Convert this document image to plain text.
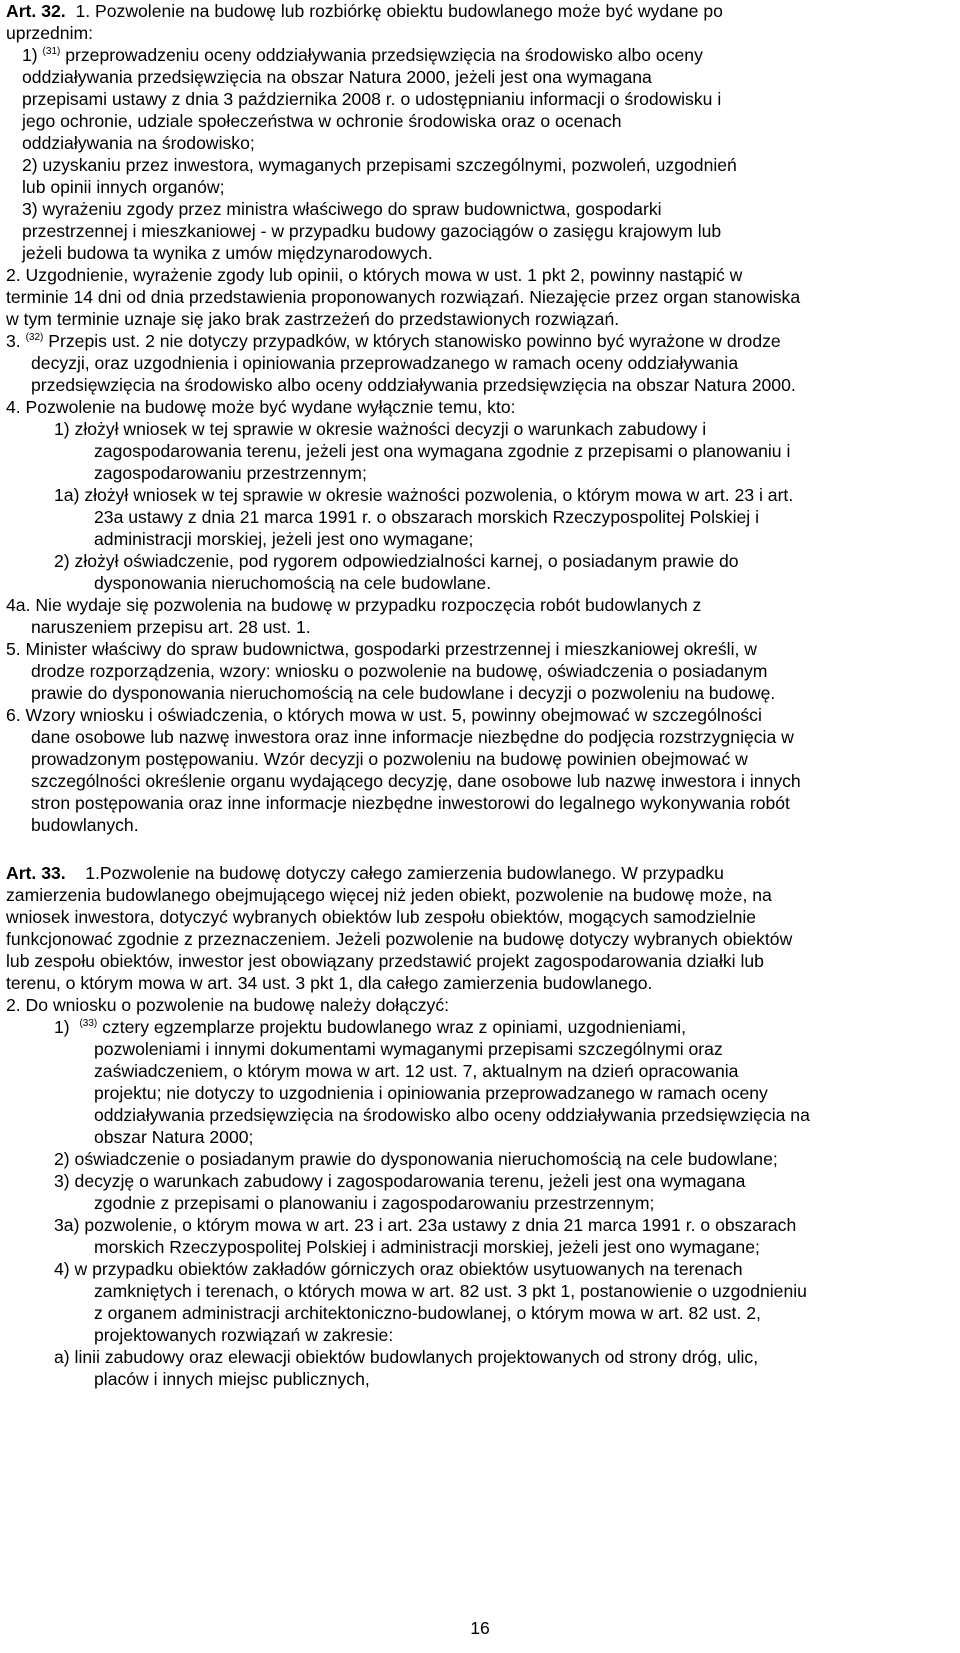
Art. 32. 1. Pozwolenie na budowę lub rozbiórkę obiektu budowlanego może być wydane po
uprzednim:
1) $^{(31)}$ przeprowadzeniu oceny oddziaływania przedsięwzięcia na środowisko albo oceny
oddziaływania przedsięwzięcia na obszar Natura 2000, jeżeli jest ona wymagana
przepisami ustawy z dnia 3 października 2008 r. o udostępnianiu informacji o środowisku i
jego ochronie, udziale społeczeństwa w ochronie środowiska oraz o ocenach
oddziaływania na środowisko;
2) uzyskaniu przez inwestora, wymaganych przepisami szczególnymi, pozwoleń, uzgodnień
lub opinii innych organów;
3) wyrażeniu zgody przez ministra właściwego do spraw budownictwa, gospodarki
przestrzennej i mieszkaniowej - w przypadku budowy gazociągów o zasięgu krajowym lub
jeżeli budowa ta wynika z umów międzynarodowych.
2. Uzgodnienie, wyrażenie zgody lub opinii, o których mowa w ust. 1 pkt 2, powinny nastąpić w
terminie 14 dni od dnia przedstawienia proponowanych rozwiązań. Niezajęcie przez organ stanowiska
w tym terminie uznaje się jako brak zastrzeżeń do przedstawionych rozwiązań.
3. $^{(32)}$ Przepis ust. 2 nie dotyczy przypadków, w których stanowisko powinno być wyrażone w drodze
decyzji, oraz uzgodnienia i opiniowania przeprowadzanego w ramach oceny oddziaływania
przedsięwzięcia na środowisko albo oceny oddziaływania przedsięwzięcia na obszar Natura 2000.
4. Pozwolenie na budowę może być wydane wyłącznie temu, kto:
1) złożył wniosek w tej sprawie w okresie ważności decyzji o warunkach zabudowy i
zagospodarowania terenu, jeżeli jest ona wymagana zgodnie z przepisami o planowaniu i
zagospodarowaniu przestrzennym;
1a) złożył wniosek w tej sprawie w okresie ważności pozwolenia, o którym mowa w art. 23 i art.
23a ustawy z dnia 21 marca 1991 r. o obszarach morskich Rzeczypospolitej Polskiej i
administracji morskiej, jeżeli jest ono wymagane;
2) złożył oświadczenie, pod rygorem odpowiedzialności karnej, o posiadanym prawie do
dysponowania nieruchomością na cele budowlane.
4a. Nie wydaje się pozwolenia na budowę w przypadku rozpoczęcia robót budowlanych z
naruszeniem przepisu art. 28 ust. 1.
5. Minister właściwy do spraw budownictwa, gospodarki przestrzennej i mieszkaniowej określi, w
drodze rozporządzenia, wzory: wniosku o pozwolenie na budowę, oświadczenia o posiadanym
prawie do dysponowania nieruchomością na cele budowlane i decyzji o pozwoleniu na budowę.
6. Wzory wniosku i oświadczenia, o których mowa w ust. 5, powinny obejmować w szczególności
dane osobowe lub nazwę inwestora oraz inne informacje niezbędne do podjęcia rozstrzygnięcia w
prowadzonym postępowaniu. Wzór decyzji o pozwoleniu na budowę powinien obejmować w
szczególności określenie organu wydającego decyzję, dane osobowe lub nazwę inwestora i innych
stron postępowania oraz inne informacje niezbędne inwestorowi do legalnego wykonywania robót
budowlanych.
Art. 33. 1.Pozwolenie na budowę dotyczy całego zamierzenia budowlanego. W przypadku
zamierzenia budowlanego obejmującego więcej niż jeden obiekt, pozwolenie na budowę może, na
wniosek inwestora, dotyczyć wybranych obiektów lub zespołu obiektów, mogących samodzielnie
funkcjonować zgodnie z przeznaczeniem. Jeżeli pozwolenie na budowę dotyczy wybranych obiektów
lub zespołu obiektów, inwestor jest obowiązany przedstawić projekt zagospodarowania działki lub
terenu, o którym mowa w art. 34 ust. 3 pkt 1, dla całego zamierzenia budowlanego.
2. Do wniosku o pozwolenie na budowę należy dołączyć:
1) $^{(33)}$ cztery egzemplarze projektu budowlanego wraz z opiniami, uzgodnieniami,
pozwoleniami i innymi dokumentami wymaganymi przepisami szczególnymi oraz
zaświadczeniem, o którym mowa w art. 12 ust. 7, aktualnym na dzień opracowania
projektu; nie dotyczy to uzgodnienia i opiniowania przeprowadzanego w ramach oceny
oddziaływania przedsięwzięcia na środowisko albo oceny oddziaływania przedsięwzięcia na
obszar Natura 2000;
2) oświadczenie o posiadanym prawie do dysponowania nieruchomością na cele budowlane;
3) decyzję o warunkach zabudowy i zagospodarowania terenu, jeżeli jest ona wymagana
zgodnie z przepisami o planowaniu i zagospodarowaniu przestrzennym;
3a) pozwolenie, o którym mowa w art. 23 i art. 23a ustawy z dnia 21 marca 1991 r. o obszarach
morskich Rzeczypospolitej Polskiej i administracji morskiej, jeżeli jest ono wymagane;
4) w przypadku obiektów zakładów górniczych oraz obiektów usytuowanych na terenach
zamkniętych i terenach, o których mowa w art. 82 ust. 3 pkt 1, postanowienie o uzgodnieniu
z organem administracji architektoniczno-budowlanej, o którym mowa w art. 82 ust. 2,
projektowanych rozwiązań w zakresie:
a) linii zabudowy oraz elewacji obiektów budowlanych projektowanych od strony dróg, ulic,
placów i innych miejsc publicznych,
16
